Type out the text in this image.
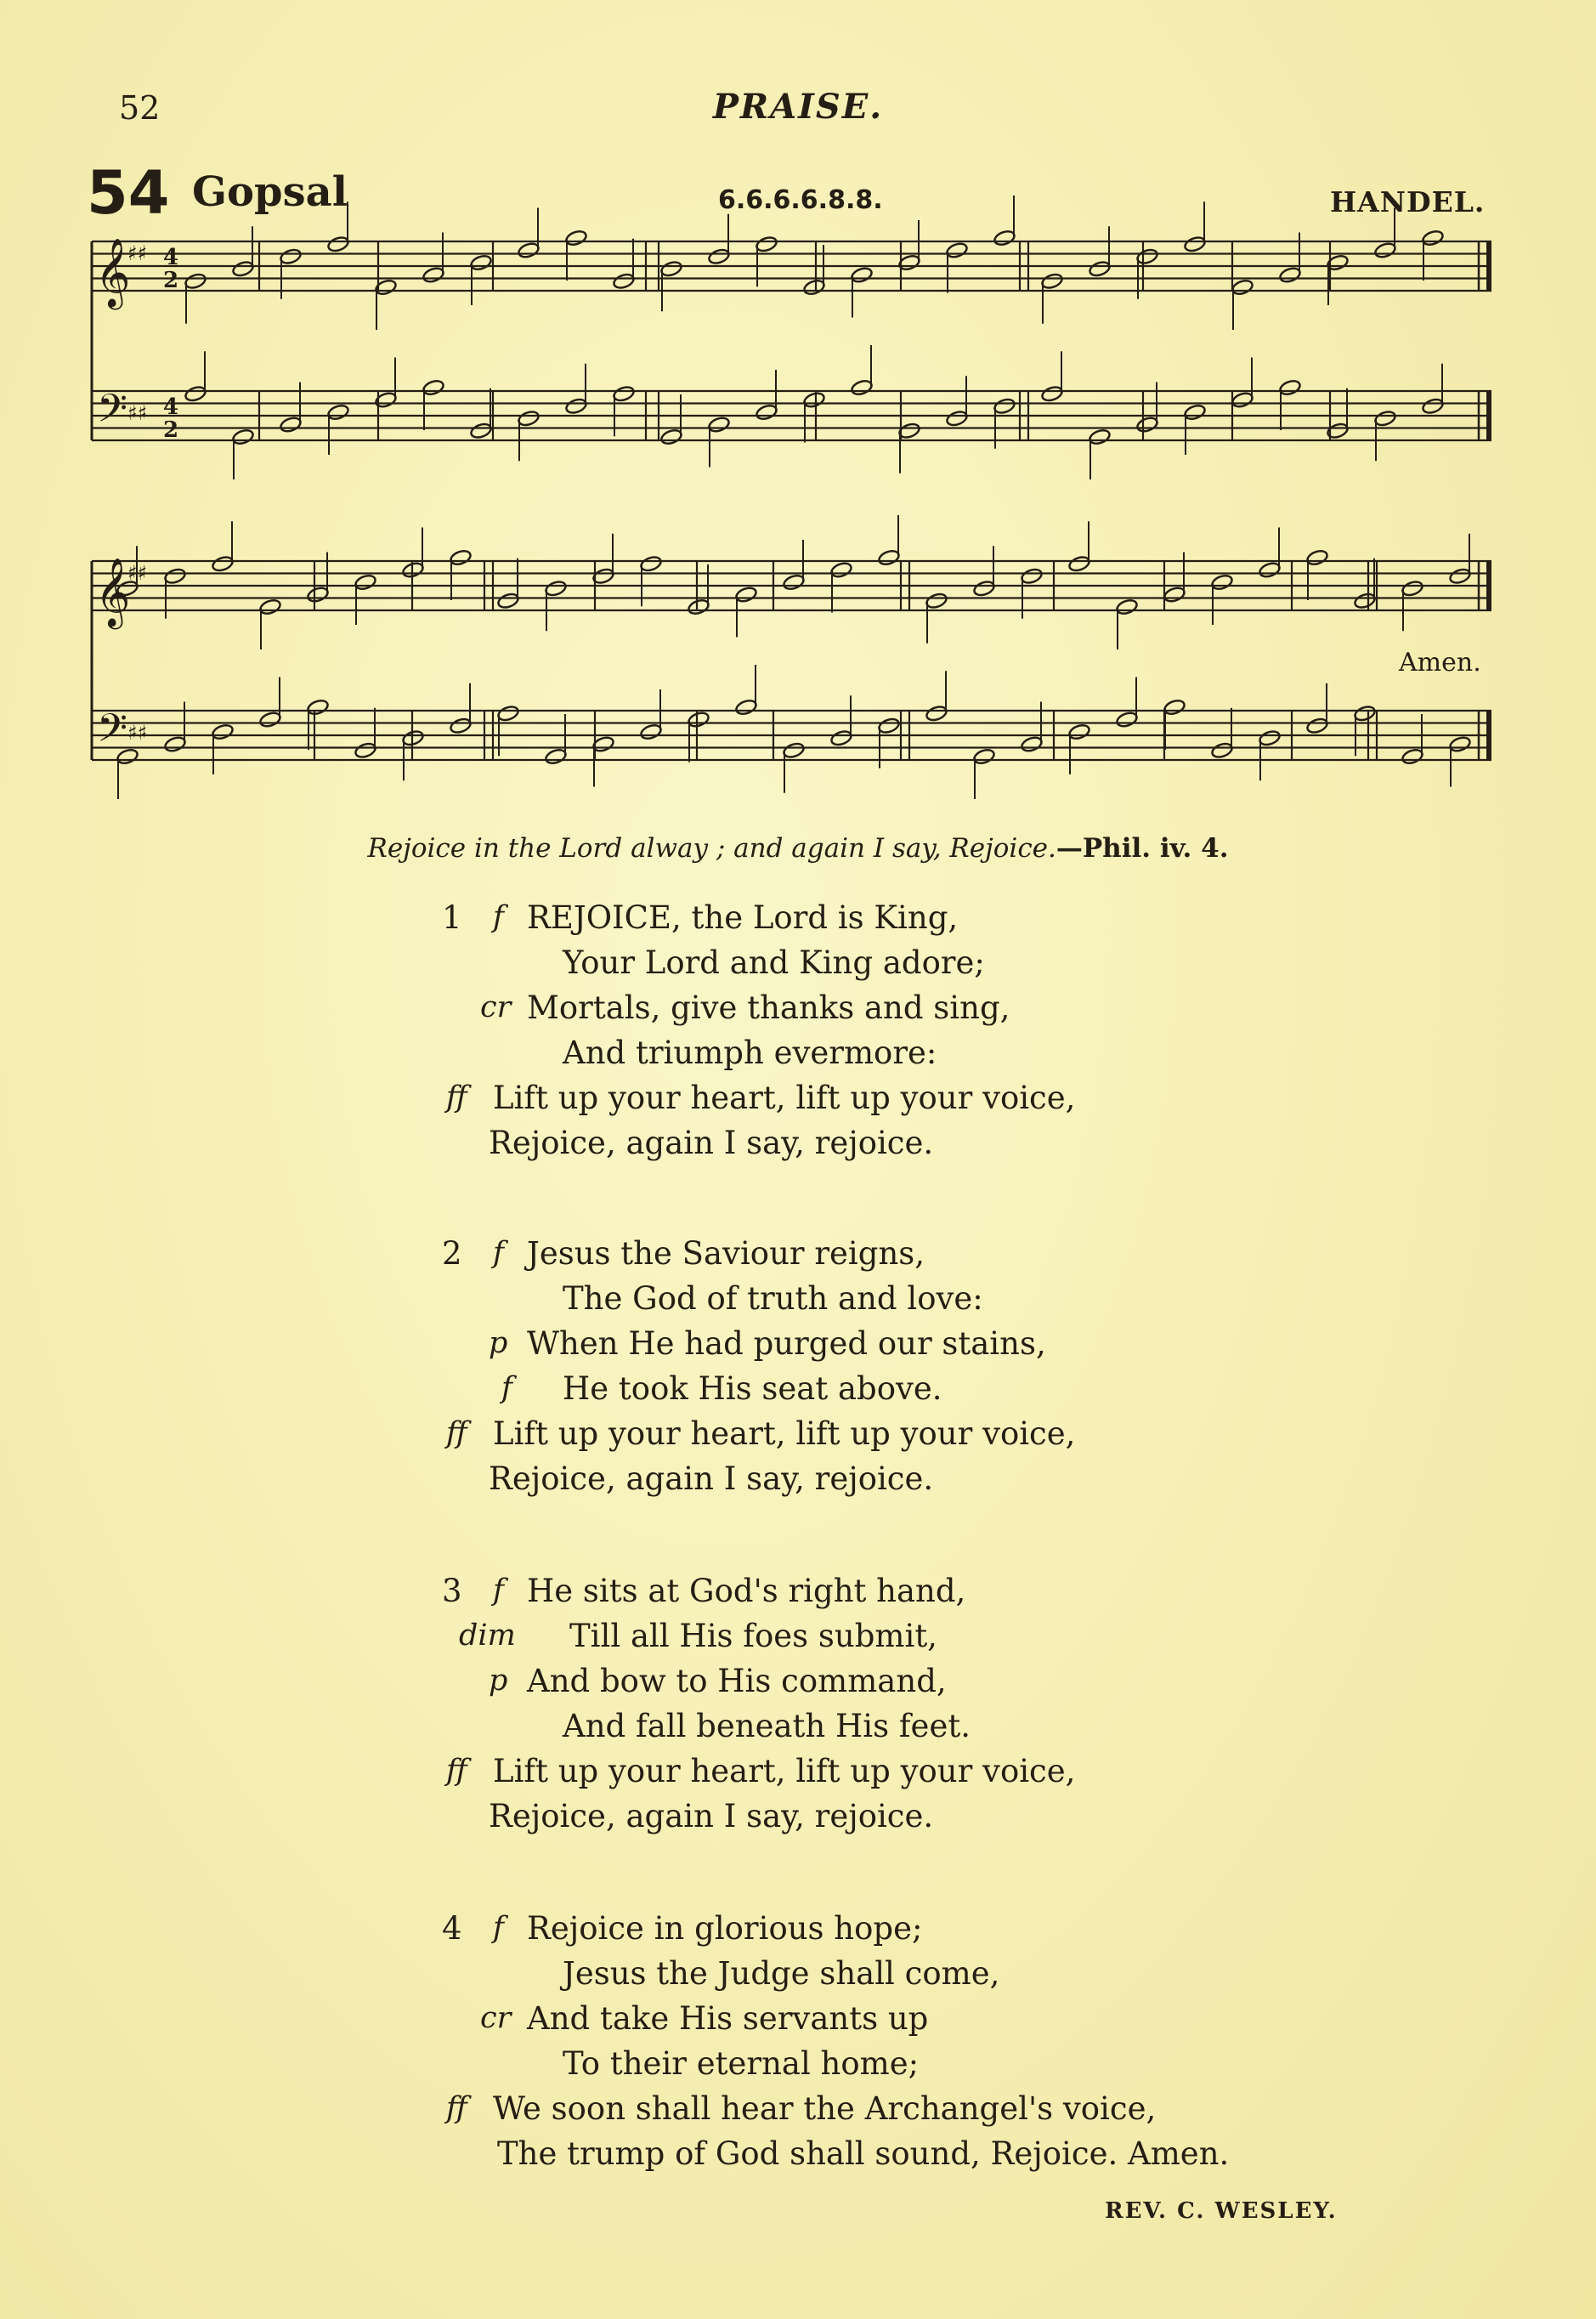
52	PRAISE.
54 Gopsal	6.6.6.6.8.8.	HANDEL.
𝄞
𝄢
𝄞
𝄢
♯♯
♯♯
♯♯
♯♯
4
2
4
2
Amen.
Rejoice in the Lord alway ; and again I say, Rejoice.—Phil. iv. 4.
1 f REJOICE, the Lord is King,
Your Lord and King adore;
cr Mortals, give thanks and sing,
And triumph evermore:
ff Lift up your heart, lift up your voice,
Rejoice, again I say, rejoice.
2 f Jesus the Saviour reigns,
The God of truth and love:
p When He had purged our stains,
f He took His seat above.
ff Lift up your heart, lift up your voice,
Rejoice, again I say, rejoice.
3 f He sits at God's right hand,
dim Till all His foes submit,
p And bow to His command,
And fall beneath His feet.
ff Lift up your heart, lift up your voice,
Rejoice, again I say, rejoice.
4 f Rejoice in glorious hope;
Jesus the Judge shall come,
cr And take His servants up
To their eternal home;
ff We soon shall hear the Archangel's voice,
The trump of God shall sound, Rejoice. Amen.
REV. C. WESLEY.
